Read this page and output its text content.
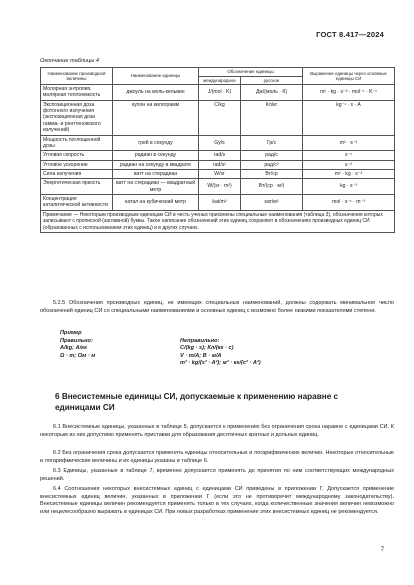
ГОСТ 8.417—2024
Окончание таблицы 4
Наименование производной величины	Наименование единицы	Обозначение единицы		Выражение единицы через основные единицы СИ
		международное	русское	
Молярная энтропия, молярная теплоемкость	джоуль на моль-кельвин	J/(mol · K)	Дж/(моль · К)	m² · kg · s⁻² · mol⁻¹ · K⁻¹
Экспозиционная доза фотонного излучения (экспозиционная доза гамма- и рентгеновского излучений)	кулон на килограмм	C/kg	Кл/кг	kg⁻¹ · s · A
Мощность поглощенной дозы	грей в секунду	Gy/s	Гр/с	m² · s⁻³
Угловая скорость	радиан в секунду	rad/s	рад/с	s⁻¹
Угловое ускорение	радиан на секунду в квадрате	rad/s²	рад/с²	s⁻²
Сила излучения	ватт на стерадиан	W/sr	Вт/ср	m² · kg · s⁻³
Энергетическая яркость	ватт на стерадиан — квадратный метр	W/(sr · m²)	Вт/(ср · м²)	kg · s⁻³
Концентрация каталитической активности	катал на кубический метр	kat/m³	кат/м³	mol · s⁻¹ · m⁻³
Примечание — Некоторым производным единицам СИ в честь ученых присвоены специальные наименования (таблица 3), обозначения которых записывают с прописной (заглавной) буквы. Такое написание обозначений этих единиц сохраняют в обозначениях производных единиц СИ (образованных с использованием этих единиц) и в других случаях.				
5.2.5 Обозначения производных единиц, не имеющих специальных наименований, должны содержать минимальное число обозначений единиц СИ со специальными наименованиями и основных единиц с возможно более низкими показателями степени.
Пример
Правильно:	Неправильно:
A/kg; А/кг	C/(kg · s); Кл/(кг · с)
Ω · m; Ом · м	V · m/A; В · м/А
m³ · kg/(s³ · A²); м³ · кг/(с³ · A²)
6 Внесистемные единицы СИ, допускаемые к применению наравне с единицами СИ
6.1 Внесистемные единицы, указанные в таблице 5, допускается к применению без ограничения срока наравне с единицами СИ. К некоторым из них допустимо применять приставки для образования десятичных кратных и дольных единиц.
6.2 Без ограничения срока допускается применять единицы относительных и логарифмических величин. Некоторые относительные и логарифмические величины и их единицы указаны в таблице 6.
6.3 Единицы, указанные в таблице 7, временно допускается применять до принятия по ним соответствующих международных решений.
6.4 Соотношения некоторых внесистемных единиц с единицами СИ приведены в приложении Г. Допускается применение внесистемных единиц величин, указанных в приложении Г (если это не противоречит международному законодательству). Внесистемные единицы величин рекомендуется применять только в тех случаях, когда количественные значения величин невозможно или нецелесообразно выражать в единицах СИ. При новых разработках применение этих внесистемных единиц не рекомендуется.
7
